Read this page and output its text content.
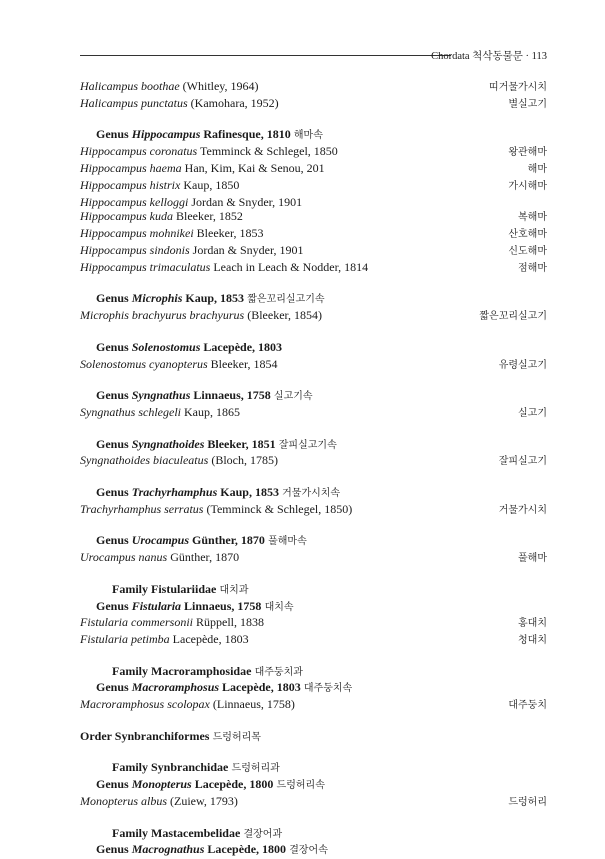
Chordata 척삭동물문 · 113
Halicampus boothae (Whitley, 1964)	띠거물가시치
Halicampus punctatus (Kamohara, 1952)	별실고기
Genus Hippocampus Rafinesque, 1810 해마속
Hippocampus coronatus Temminck & Schlegel, 1850	왕관해마
Hippocampus haema Han, Kim, Kai & Senou, 201	해마
Hippocampus histrix Kaup, 1850	가시해마
Hippocampus kelloggi Jordan & Snyder, 1901
Hippocampus kuda Bleeker, 1852	복해마
Hippocampus mohnikei Bleeker, 1853	산호해마
Hippocampus sindonis Jordan & Snyder, 1901	신도해마
Hippocampus trimaculatus Leach in Leach & Nodder, 1814	점해마
Genus Microphis Kaup, 1853 짧은꼬리실고기속
Microphis brachyurus brachyurus (Bleeker, 1854)	짧은꼬리실고기
Genus Solenostomus Lacepède, 1803
Solenostomus cyanopterus Bleeker, 1854	유령실고기
Genus Syngnathus Linnaeus, 1758 실고기속
Syngnathus schlegeli Kaup, 1865	실고기
Genus Syngnathoides Bleeker, 1851 잘피실고기속
Syngnathoides biaculeatus (Bloch, 1785)	잘피실고기
Genus Trachyrhamphus Kaup, 1853 거물가시치속
Trachyrhamphus serratus (Temminck & Schlegel, 1850)	거물가시치
Genus Urocampus Günther, 1870 풀해마속
Urocampus nanus Günther, 1870	풀해마
Family Fistulariidae 대치과
Genus Fistularia Linnaeus, 1758 대치속
Fistularia commersonii Rüppell, 1838	홍대치
Fistularia petimba Lacepède, 1803	청대치
Family Macroramphosidae 대주둥치과
Genus Macroramphosus Lacepède, 1803 대주둥치속
Macroramphosus scolopax (Linnaeus, 1758)	대주둥치
Order Synbranchiformes 드렁허리목
Family Synbranchidae 드렁허리과
Genus Monopterus Lacepède, 1800 드렁허리속
Monopterus albus (Zuiew, 1793)	드렁허리
Family Mastacembelidae 결장어과
Genus Macrognathus Lacepède, 1800 결장어속
